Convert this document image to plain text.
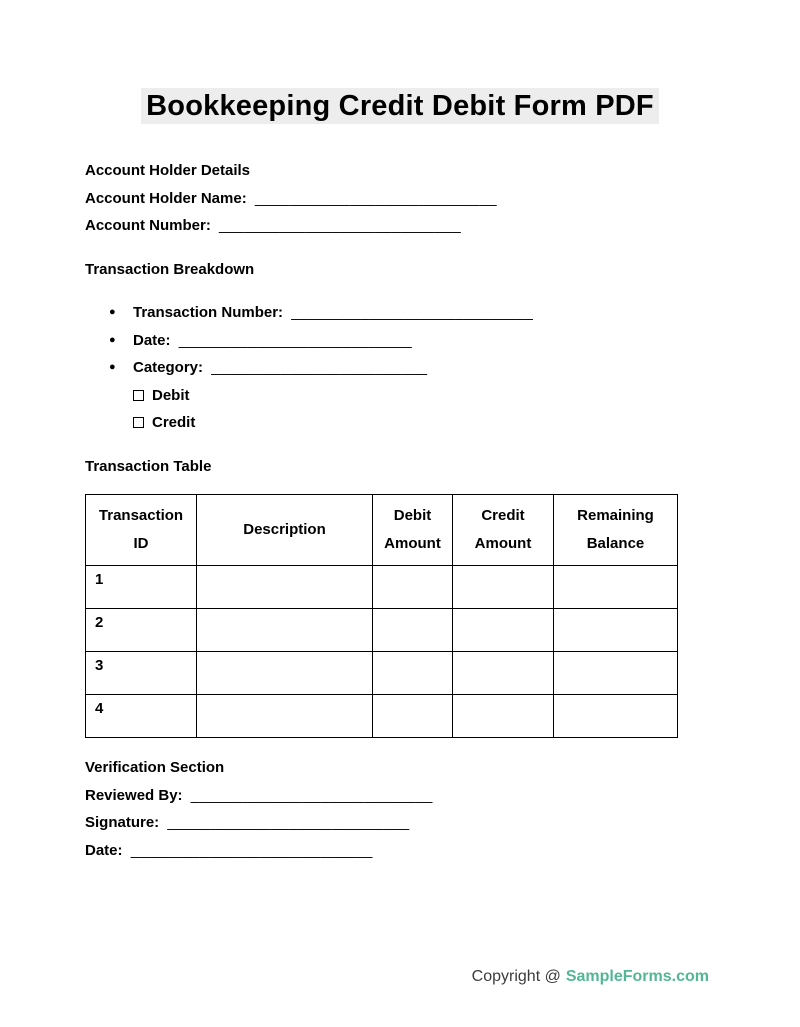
Bookkeeping Credit Debit Form PDF

Account Holder Details

Account Holder Name: ____________________________

Account Number: ____________________________

Transaction Breakdown

● Transaction Number: ____________________________
● Date: ___________________________
● Category: _________________________
Debit
Credit

Transaction Table

Transaction ID	Description	Debit Amount	Credit Amount	Remaining Balance
1				
2				
3				
4				

Verification Section

Reviewed By: ____________________________

Signature: ____________________________

Date: ____________________________

Copyright @ SampleForms.com
